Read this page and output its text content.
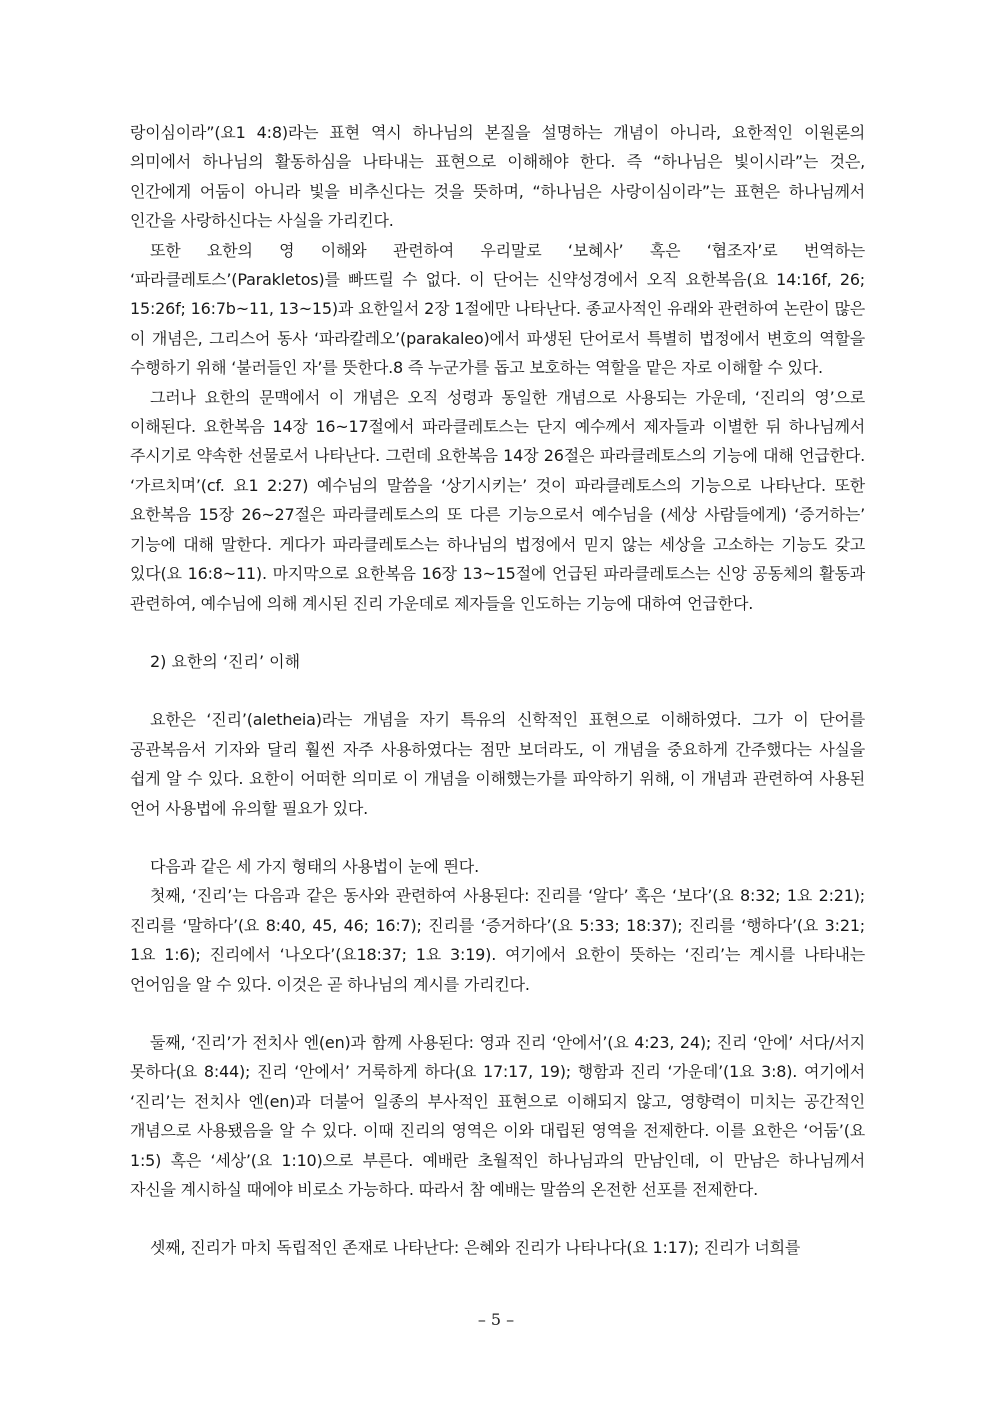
랑이심이라”(요1 4:8)라는 표현 역시 하나님의 본질을 설명하는 개념이 아니라, 요한적인 이원론의 의미에서 하나님의 활동하심을 나타내는 표현으로 이해해야 한다. 즉 “하나님은 빛이시라”는 것은, 인간에게 어둠이 아니라 빛을 비추신다는 것을 뜻하며, “하나님은 사랑이심이라”는 표현은 하나님께서 인간을 사랑하신다는 사실을 가리킨다.

또한 요한의 영 이해와 관련하여 우리말로 ‘보혜사’ 혹은 ‘협조자’로 번역하는 ‘파라클레토스’(Parakletos)를 빠뜨릴 수 없다. 이 단어는 신약성경에서 오직 요한복음(요 14:16f, 26; 15:26f; 16:7b~11, 13~15)과 요한일서 2장 1절에만 나타난다. 종교사적인 유래와 관련하여 논란이 많은 이 개념은, 그리스어 동사 ‘파라칼레오’(parakaleo)에서 파생된 단어로서 특별히 법정에서 변호의 역할을 수행하기 위해 ‘불러들인 자’를 뜻한다.8 즉 누군가를 돕고 보호하는 역할을 맡은 자로 이해할 수 있다.

그러나 요한의 문맥에서 이 개념은 오직 성령과 동일한 개념으로 사용되는 가운데, ‘진리의 영’으로 이해된다. 요한복음 14장 16~17절에서 파라클레토스는 단지 예수께서 제자들과 이별한 뒤 하나님께서 주시기로 약속한 선물로서 나타난다. 그런데 요한복음 14장 26절은 파라클레토스의 기능에 대해 언급한다. ‘가르치며’(cf. 요1 2:27) 예수님의 말씀을 ‘상기시키는’ 것이 파라클레토스의 기능으로 나타난다. 또한 요한복음 15장 26~27절은 파라클레토스의 또 다른 기능으로서 예수님을 (세상 사람들에게) ‘증거하는’ 기능에 대해 말한다. 게다가 파라클레토스는 하나님의 법정에서 믿지 않는 세상을 고소하는 기능도 갖고 있다(요 16:8~11). 마지막으로 요한복음 16장 13~15절에 언급된 파라클레토스는 신앙 공동체의 활동과 관련하여, 예수님에 의해 계시된 진리 가운데로 제자들을 인도하는 기능에 대하여 언급한다.

2) 요한의 ‘진리’ 이해

요한은 ‘진리’(aletheia)라는 개념을 자기 특유의 신학적인 표현으로 이해하였다. 그가 이 단어를 공관복음서 기자와 달리 훨씬 자주 사용하였다는 점만 보더라도, 이 개념을 중요하게 간주했다는 사실을 쉽게 알 수 있다. 요한이 어떠한 의미로 이 개념을 이해했는가를 파악하기 위해, 이 개념과 관련하여 사용된 언어 사용법에 유의할 필요가 있다.

다음과 같은 세 가지 형태의 사용법이 눈에 띈다.

첫째, ‘진리’는 다음과 같은 동사와 관련하여 사용된다: 진리를 ‘알다’ 혹은 ‘보다’(요 8:32; 1요 2:21); 진리를 ‘말하다’(요 8:40, 45, 46; 16:7); 진리를 ‘증거하다’(요 5:33; 18:37); 진리를 ‘행하다’(요 3:21; 1요 1:6); 진리에서 ‘나오다’(요18:37; 1요 3:19). 여기에서 요한이 뜻하는 ‘진리’는 계시를 나타내는 언어임을 알 수 있다. 이것은 곧 하나님의 계시를 가리킨다.

둘째, ‘진리’가 전치사 엔(en)과 함께 사용된다: 영과 진리 ‘안에서’(요 4:23, 24); 진리 ‘안에’ 서다/서지 못하다(요 8:44); 진리 ‘안에서’ 거룩하게 하다(요 17:17, 19); 행함과 진리 ‘가운데’(1요 3:8). 여기에서 ‘진리’는 전치사 엔(en)과 더불어 일종의 부사적인 표현으로 이해되지 않고, 영향력이 미치는 공간적인 개념으로 사용됐음을 알 수 있다. 이때 진리의 영역은 이와 대립된 영역을 전제한다. 이를 요한은 ‘어둠’(요 1:5) 혹은 ‘세상’(요 1:10)으로 부른다. 예배란 초월적인 하나님과의 만남인데, 이 만남은 하나님께서 자신을 계시하실 때에야 비로소 가능하다. 따라서 참 예배는 말씀의 온전한 선포를 전제한다.

셋째, 진리가 마치 독립적인 존재로 나타난다: 은혜와 진리가 나타나다(요 1:17); 진리가 너희를

– 5 –
